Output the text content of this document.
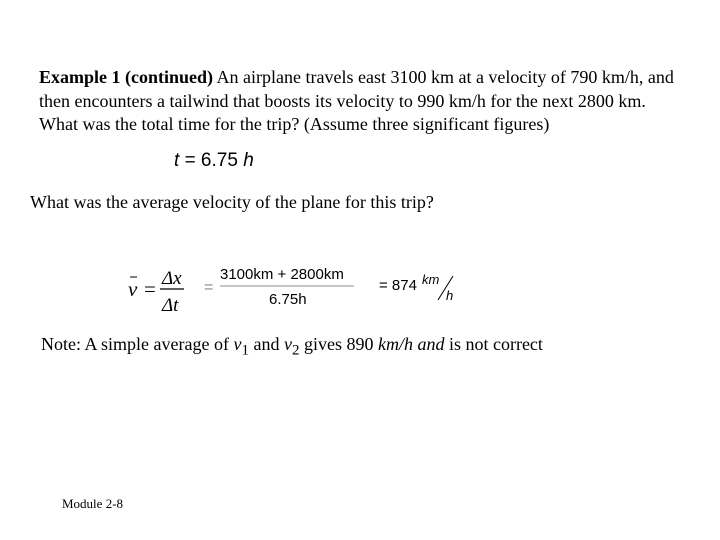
Example 1 (continued) An airplane travels east 3100 km at a velocity of 790 km/h, and then encounters a tailwind that boosts its velocity to 990 km/h for the next 2800 km. What was the total time for the trip? (Assume three significant figures)
t = 6.75 h
What was the average velocity of the plane for this trip?
v = Δx
Δt
=
3100km + 2800km
6.75h
= 874 km
h
Note: A simple average of $v_1$ and $v_2$ gives 890 km/h and is not correct
Module 2-8
